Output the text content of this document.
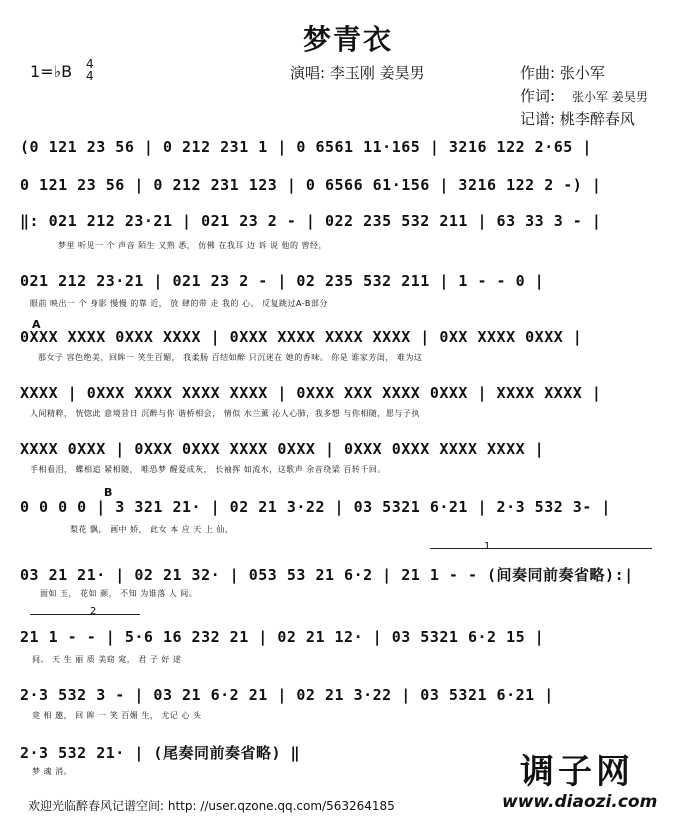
梦青衣
1=♭B 4
4	演唱: 李玉刚 姜昊男	作曲: 张小军
作词: 张小军 姜昊男
记谱: 桃李醉春风
(0 121 23 56 | 0 212 231 1 | 0 6561 11·165 | 3216 122 2·65 |
0 121 23 56 | 0 212 231 123 | 0 6566 61·156 | 3216 122 2 -) |
‖: 021 212 23·21 | 021 23 2 - | 022 235 532 211 | 63 33 3 - |
梦里 听见一 个 声音 陌生 又熟 悉， 仿佛 在我耳 边 诉 说 他的 曾经，
021 212 23·21 | 021 23 2 - | 02 235 532 211 | 1 - - 0 |
眼前 映出一 个 身影 慢慢 的靠 近， 放 肆的带 走 我的 心。 反复跳过A-B部分
A
0XXX XXXX 0XXX XXXX | 0XXX XXXX XXXX XXXX | 0XX XXXX 0XXX |
那女子 容色绝美，回眸一 笑生百媚， 我柔肠 百结如醉 只沉迷在 她的香味。 你是 谁家芳闺， 难为这
XXXX | 0XXX XXXX XXXX XXXX | 0XXX XXX XXXX 0XXX | XXXX XXXX |
人间精粹， 恍惚此 意境昔日 沉醉与你 谐桥相会， 情似 水兰薰 沁人心肺，我多想 与你相随，愿与子执
XXXX 0XXX | 0XXX 0XXX XXXX 0XXX | 0XXX 0XXX XXXX XXXX |
手相看泪， 蝶相追 紧相随， 唯恐梦 醒爱成灰， 长袖挥 如流水，这歌声 余音绕梁 百转千回。
B
0 0 0 0 | 3 321 21· | 02 21 3·22 | 03 5321 6·21 | 2·3 532 3- |
梨花 飘， 画中 娇， 此女 本 应 天 上 仙，
1
03 21 21· | 02 21 32· | 053 53 21 6·2 | 21 1 - - (间奏同前奏省略):|
面如 玉， 花如 颜， 不知 为谁落 人 间。
2
21 1 - - | 5·6 16 232 21 | 02 21 12· | 03 5321 6·2 15 |
间。 天 生 丽 质 美窈 窕， 君 子 好 逑
2·3 532 3 - | 03 21 6·2 21 | 02 21 3·22 | 03 5321 6·21 |
竟 相 邀， 回 眸 一 笑 百媚 生， 尤记 心 头
2·3 532 21· | (尾奏同前奏省略) ‖
梦 魂 消。	调子网
www.diaozi.com
欢迎光临醉春风记谱空间: http: //user.qzone.qq.com/563264185
